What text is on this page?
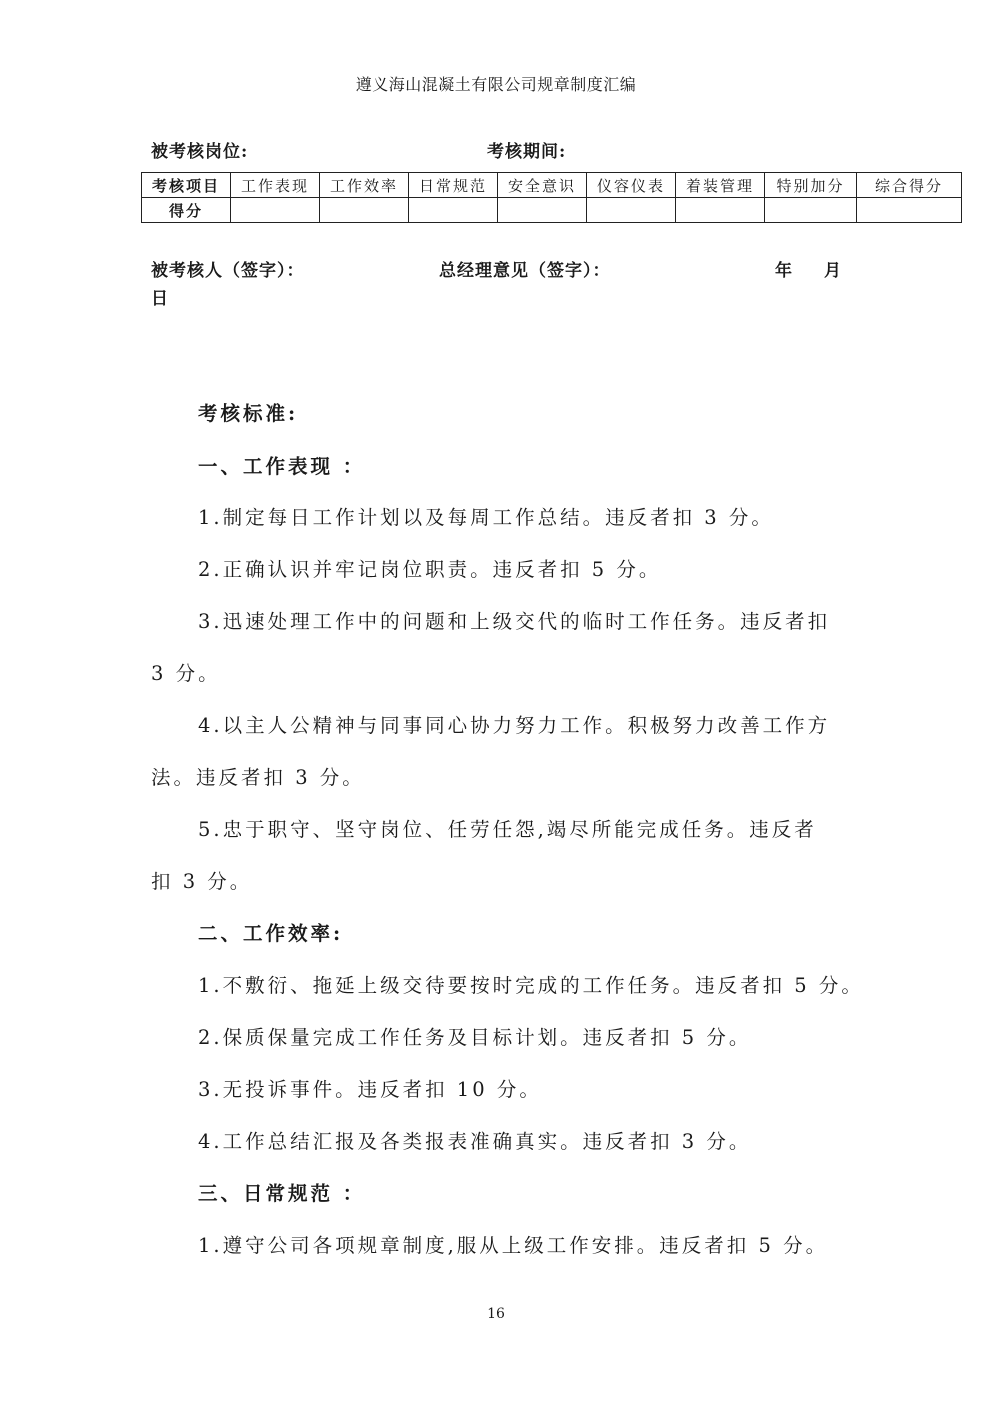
遵义海山混凝土有限公司规章制度汇编
被考核岗位:	考核期间:
考核项目	工作表现	工作效率	日常规范	安全意识	仪容仪表	着装管理	特别加分	综合得分
得分								
被考核人（签字）：	总经理意见（签字）：	年 月
日
考核标准:
一、工作表现 ：
1.制定每日工作计划以及每周工作总结。违反者扣 3 分。
2.正确认识并牢记岗位职责。违反者扣 5 分。
3.迅速处理工作中的问题和上级交代的临时工作任务。违反者扣
3 分。
4.以主人公精神与同事同心协力努力工作。积极努力改善工作方
法。违反者扣 3 分。
5.忠于职守、坚守岗位、任劳任怨,竭尽所能完成任务。违反者
扣 3 分。
二、工作效率:
1.不敷衍、拖延上级交待要按时完成的工作任务。违反者扣 5 分。
2.保质保量完成工作任务及目标计划。违反者扣 5 分。
3.无投诉事件。违反者扣 10 分。
4.工作总结汇报及各类报表准确真实。违反者扣 3 分。
三、日常规范 ：
1.遵守公司各项规章制度,服从上级工作安排。违反者扣 5 分。
16
